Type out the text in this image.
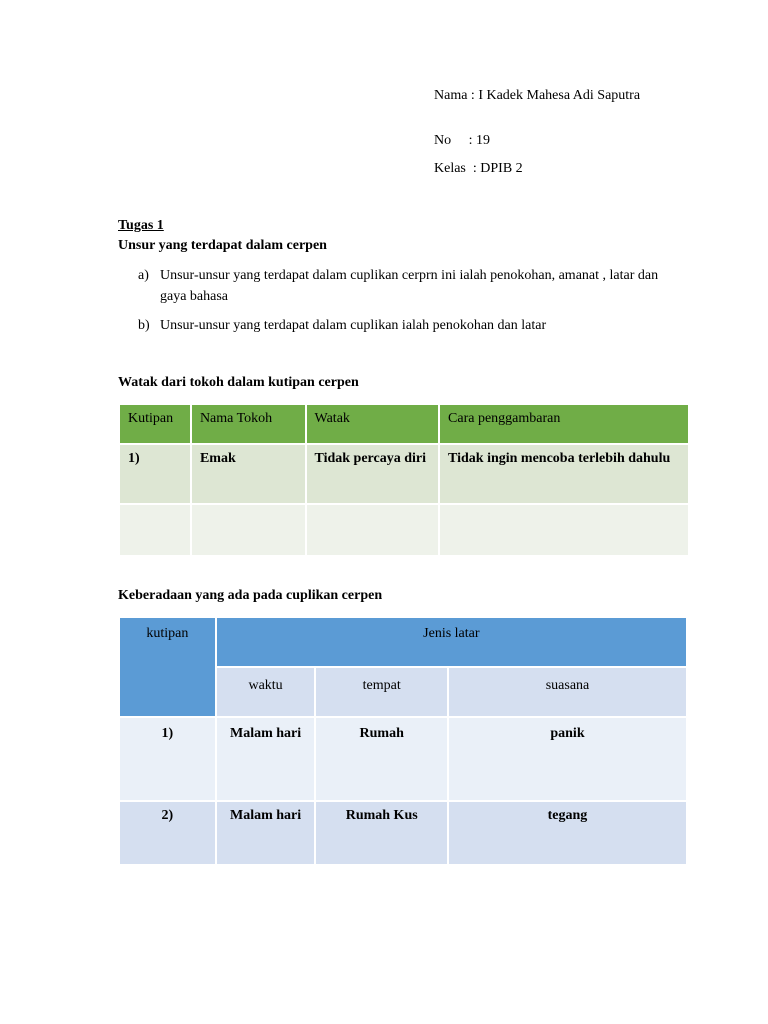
Nama : I Kadek Mahesa Adi Saputra
No     : 19
Kelas  : DPIB 2
Tugas 1
Unsur yang terdapat dalam cerpen
a) Unsur-unsur yang terdapat dalam cuplikan cerprn ini ialah penokohan, amanat , latar dan gaya bahasa
b) Unsur-unsur yang terdapat dalam cuplikan ialah penokohan dan latar
Watak dari tokoh dalam kutipan cerpen
Kutipan	Nama Tokoh	Watak	Cara penggambaran
1)	Emak	Tidak percaya diri	Tidak ingin mencoba terlebih dahulu

Keberadaan yang ada pada cuplikan cerpen
kutipan	Jenis latar		
	waktu	tempat	suasana
1)	Malam hari	Rumah	panik
2)	Malam hari	Rumah Kus	tegang
